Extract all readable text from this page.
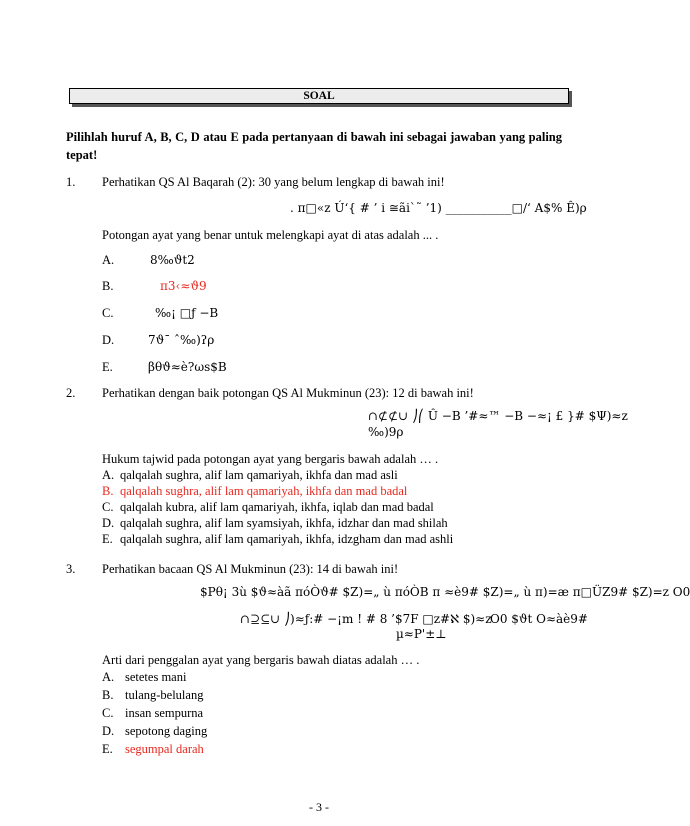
SOAL
Pilihlah huruf A, B, C, D atau E pada pertanyaan di bawah ini sebagai jawaban yang paling tepat!
1. Perhatikan QS Al Baqarah (2): 30 yang belum lengkap di bawah ini!
. π□«z Ú‘{ # ’ i ≅ãi`˜ ’1) ___________□/‘ A$% Ê)ρ
Potongan ayat yang benar untuk melengkapi ayat di atas adalah ... .
A.	8‰ϑt2
B.	π3‹≈ϑ9
C.	‰¡ □ƒ −B
D.	7ϑ¯ ˆ‰)ʔρ
E.	βθϑ≈è?ωs$B
2. Perhatikan dengan baik potongan QS Al Mukminun (23): 12 di bawah ini!
∩⊄⊄∪ ⎠⎛ Û −B ’#≈™ −B −≈¡ £ }# $Ψ)≈z
‰)9ρ
Hukum tajwid pada potongan ayat yang bergaris bawah adalah … .
A. qalqalah sughra, alif lam qamariyah, ikhfa dan mad asli
B. qalqalah sughra, alif lam qamariyah, ikhfa dan mad badal
C. qalqalah kubra, alif lam qamariyah, ikhfa, iqlab dan mad badal
D. qalqalah sughra, alif lam syamsiyah, ikhfa, idzhar dan mad shilah
E. qalqalah sughra, alif lam qamariyah, ikhfa, idzgham dan mad ashli
3. Perhatikan bacaan QS Al Mukminun (23): 14 di bawah ini!
$Pθ¡ 3ù $ϑ≈àã πóÒϑ# $Z)=„ ù πóÒB π ≈è9# $Z)=„ ù π)=æ π□ÜZ9# $Z)=z O0
∩⊇⊆∪ ⎠)≈ƒ:# −¡m ! # 8 ’$7F □z#ℵ $)≈z
O0 $ϑt O≈àè9#
µ≈Ρ'±⊥
Arti dari penggalan ayat yang bergaris bawah diatas adalah … .
A. setetes mani
B. tulang-belulang
C. insan sempurna
D. sepotong daging
E. segumpal darah
- 3 -
